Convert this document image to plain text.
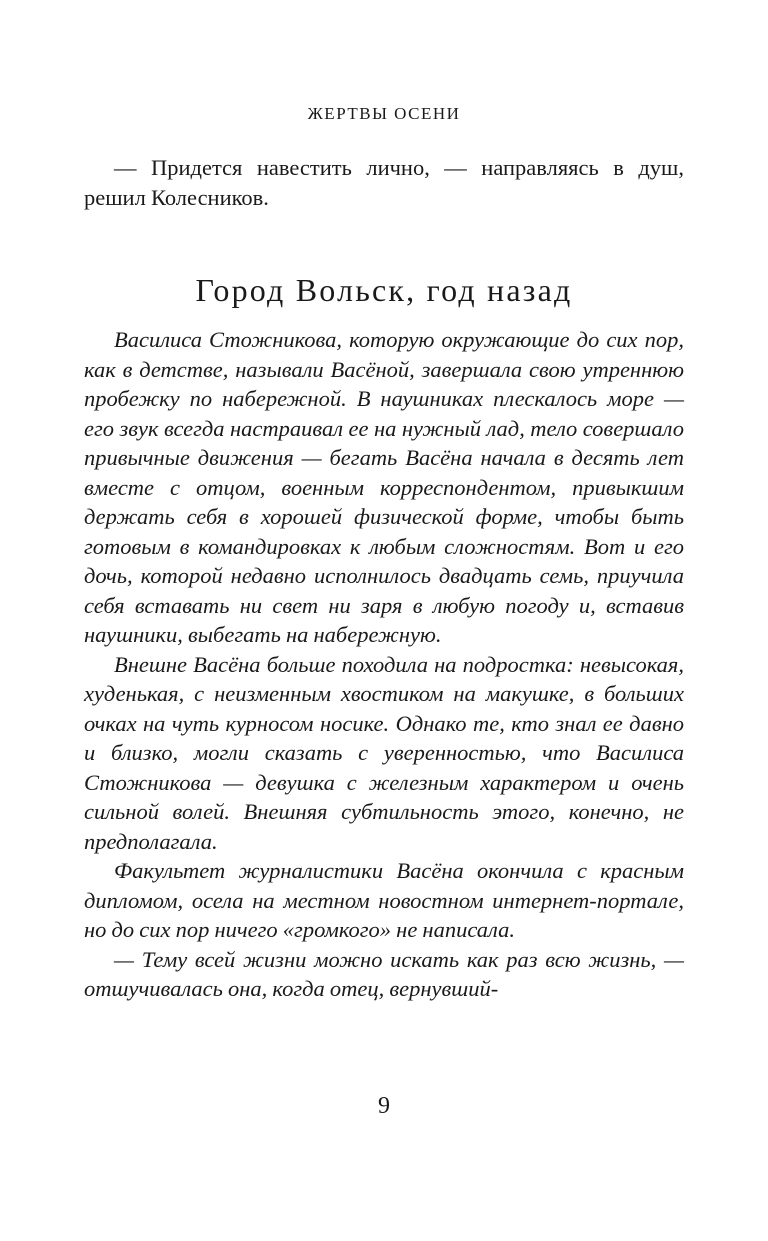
ЖЕРТВЫ ОСЕНИ

— Придется навестить лично, — направляясь в душ, решил Колесников.

Город Вольск, год назад

Василиса Стожникова, которую окружающие до сих пор, как в детстве, называли Васёной, завершала свою утреннюю пробежку по набережной. В наушниках плескалось море — его звук всегда настраивал ее на нужный лад, тело совершало привычные движения — бегать Васёна начала в десять лет вместе с отцом, военным корреспондентом, привыкшим держать себя в хорошей физической форме, чтобы быть готовым в командировках к любым сложностям. Вот и его дочь, которой недавно исполнилось двадцать семь, приучила себя вставать ни свет ни заря в любую погоду и, вставив наушники, выбегать на набережную.

Внешне Васёна больше походила на подростка: невысокая, худенькая, с неизменным хвостиком на макушке, в больших очках на чуть курносом носике. Однако те, кто знал ее давно и близко, могли сказать с уверенностью, что Василиса Стожникова — девушка с железным характером и очень сильной волей. Внешняя субтильность этого, конечно, не предполагала.

Факультет журналистики Васёна окончила с красным дипломом, осела на местном новостном интернет-портале, но до сих пор ничего «громкого» не написала.

— Тему всей жизни можно искать как раз всю жизнь, — отшучивалась она, когда отец, вернувший-

9
